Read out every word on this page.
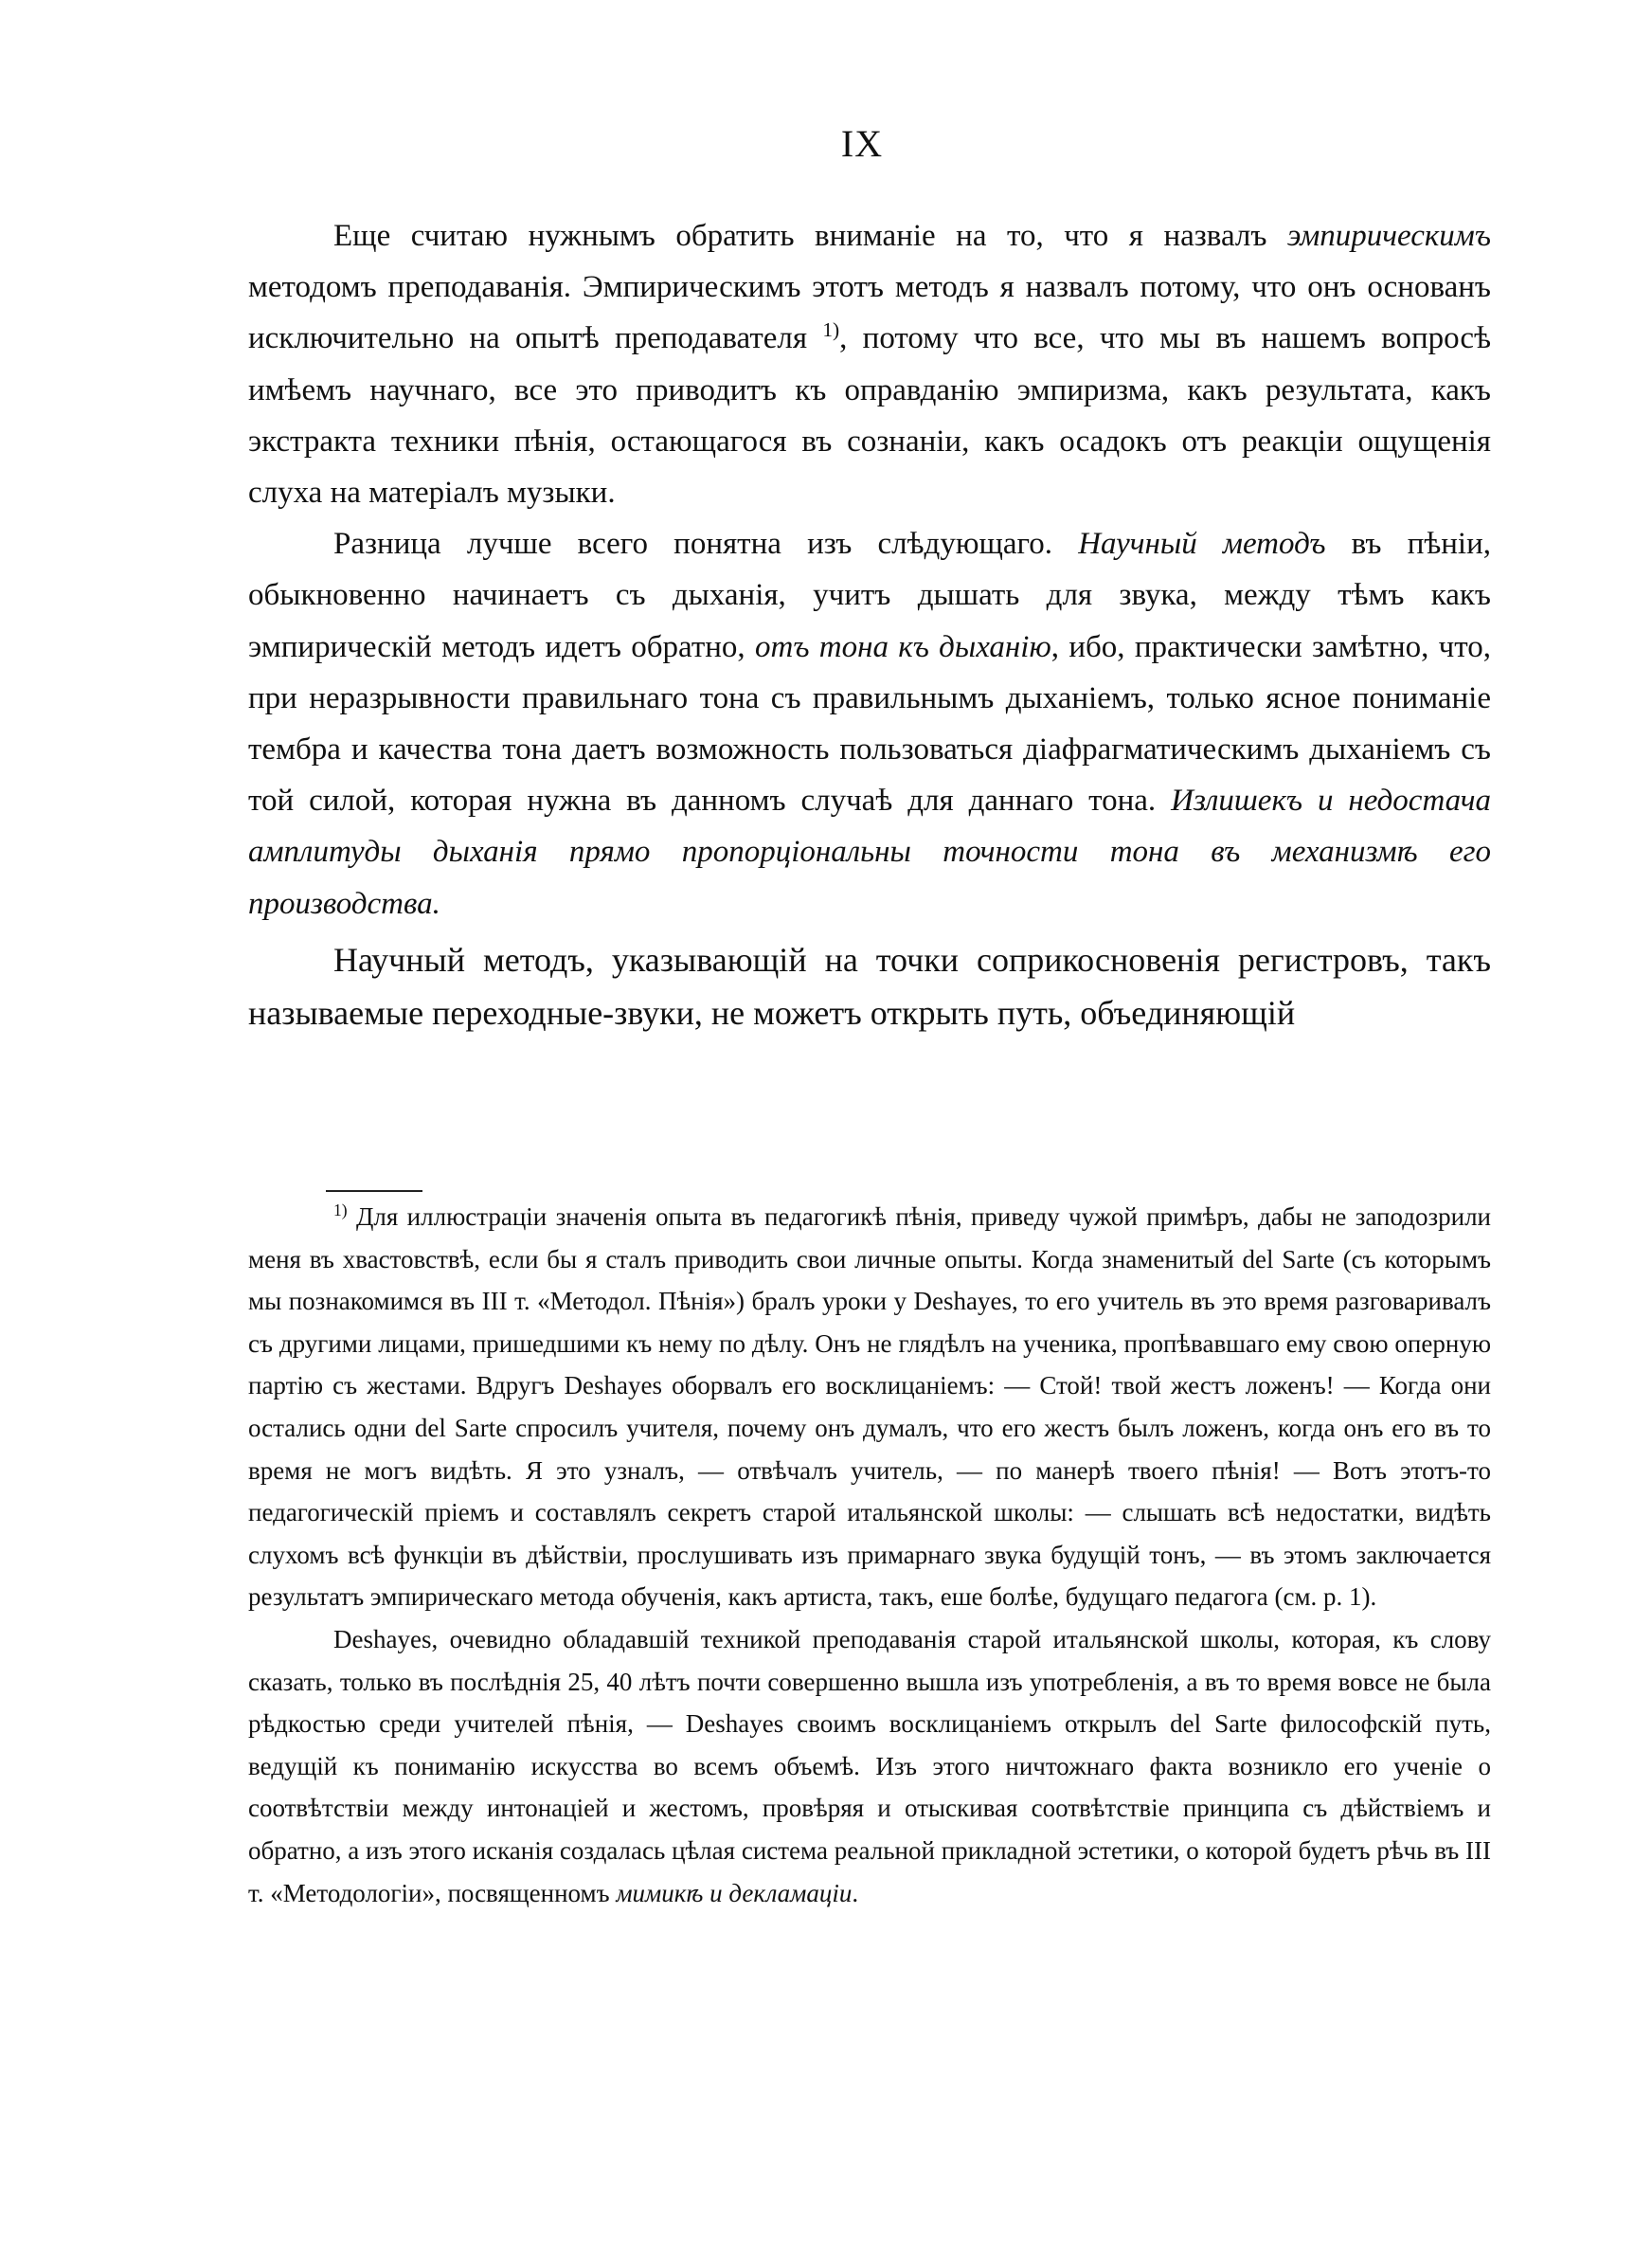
IX

Еще считаю нужнымъ обратить вниманіе на то, что я назвалъ эмпирическимъ методомъ преподаванія. Эмпирическимъ этотъ методъ я назвалъ потому, что онъ основанъ исключительно на опытѣ преподавателя $^{1)}$, потому что все, что мы въ нашемъ вопросѣ имѣемъ научнаго, все это приводитъ къ оправданію эмпиризма, какъ результата, какъ экстракта техники пѣнія, остающагося въ сознаніи, какъ осадокъ отъ реакціи ощущенія слуха на матеріалъ музыки.

Разница лучше всего понятна изъ слѣдующаго. Научный методъ въ пѣніи, обыкновенно начинаетъ съ дыханія, учитъ дышать для звука, между тѣмъ какъ эмпирическій методъ идетъ обратно, отъ тона къ дыханію, ибо, практически замѣтно, что, при неразрывности правильнаго тона съ правильнымъ дыханіемъ, только ясное пониманіе тембра и качества тона даетъ возможность пользоваться діафрагматическимъ дыханіемъ съ той силой, которая нужна въ данномъ случаѣ для даннаго тона. Излишекъ и недостача амплитуды дыханія прямо пропорціональны точности тона въ механизмѣ его производства.

Научный методъ, указывающій на точки соприкосновенія регистровъ, такъ называемые переходные-звуки, не можетъ открыть путь, объединяющій

$^{1)}$ Для иллюстраціи значенія опыта въ педагогикѣ пѣнія, приведу чужой примѣръ, дабы не заподозрили меня въ хвастовствѣ, если бы я сталъ приводить свои личные опыты. Когда знаменитый del Sarte (съ которымъ мы познакомимся въ III т. «Методол. Пѣнія») бралъ уроки у Deshayes, то его учитель въ это время разговаривалъ съ другими лицами, пришедшими къ нему по дѣлу. Онъ не глядѣлъ на ученика, пропѣвавшаго ему свою оперную партію съ жестами. Вдругъ Deshayes оборвалъ его восклицаніемъ: — Стой! твой жестъ ложенъ! — Когда они остались одни del Sarte спросилъ учителя, почему онъ думалъ, что его жестъ былъ ложенъ, когда онъ его въ то время не могъ видѣть. Я это узналъ, — отвѣчалъ учитель, — по манерѣ твоего пѣнія! — Вотъ этотъ-то педагогическій пріемъ и составлялъ секретъ старой итальянской школы: — слышать всѣ недостатки, видѣть слухомъ всѣ функціи въ дѣйствіи, прослушивать изъ примарнаго звука будущій тонъ, — въ этомъ заключается результатъ эмпирическаго метода обученія, какъ артиста, такъ, еше болѣе, будущаго педагога (см. p. 1).

Deshayes, очевидно обладавшій техникой преподаванія старой итальянской школы, которая, къ слову сказать, только въ послѣднія 25, 40 лѣтъ почти совершенно вышла изъ употребленія, а въ то время вовсе не была рѣдкостью среди учителей пѣнія, — Deshayes своимъ восклицаніемъ открылъ del Sarte философскій путь, ведущій къ пониманію искусства во всемъ объемѣ. Изъ этого ничтожнаго факта возникло его ученіе о соотвѣтствіи между интонаціей и жестомъ, провѣряя и отыскивая соотвѣтствіе принципа съ дѣйствіемъ и обратно, а изъ этого исканія создалась цѣлая система реальной прикладной эстетики, о которой будетъ рѣчь въ III т. «Методологіи», посвященномъ мимикѣ и декламаціи.
